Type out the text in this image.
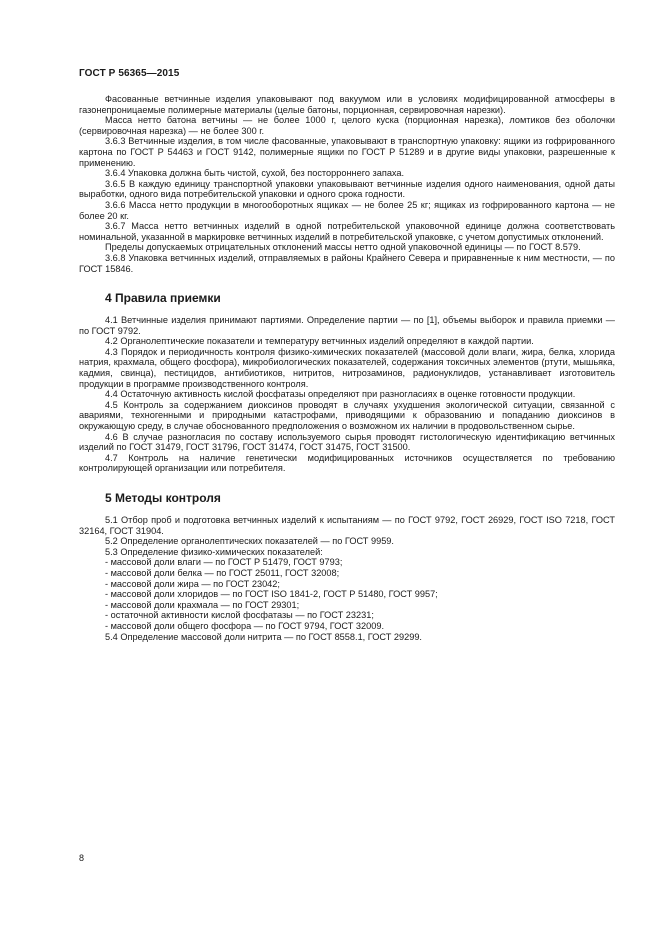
ГОСТ Р 56365—2015

Фасованные ветчинные изделия упаковывают под вакуумом или в условиях модифицированной атмосферы в газонепроницаемые полимерные материалы (целые батоны, порционная, сервировочная нарезки).

Масса нетто батона ветчины — не более 1000 г, целого куска (порционная нарезка), ломтиков без оболочки (сервировочная нарезка) — не более 300 г.

3.6.3 Ветчинные изделия, в том числе фасованные, упаковывают в транспортную упаковку: ящики из гофрированного картона по ГОСТ Р 54463 и ГОСТ 9142, полимерные ящики по ГОСТ Р 51289 и в другие виды упаковки, разрешенные к применению.

3.6.4 Упаковка должна быть чистой, сухой, без посторроннего запаха.

3.6.5 В каждую единицу транспортной упаковки упаковывают ветчинные изделия одного наименования, одной даты выработки, одного вида потребительской упаковки и одного срока годности.

3.6.6 Масса нетто продукции в многооборотных ящиках — не более 25 кг; ящиках из гофрированного картона — не более 20 кг.

3.6.7 Масса нетто ветчинных изделий в одной потребительской упаковочной единице должна соответствовать номинальной, указанной в маркировке ветчинных изделий в потребительской упаковке, с учетом допустимых отклонений.

Пределы допускаемых отрицательных отклонений массы нетто одной упаковочной единицы — по ГОСТ 8.579.

3.6.8 Упаковка ветчинных изделий, отправляемых в районы Крайнего Севера и приравненные к ним местности, — по ГОСТ 15846.

4 Правила приемки

4.1 Ветчинные изделия принимают партиями. Определение партии — по [1], объемы выборок и правила приемки — по ГОСТ 9792.

4.2 Органолептические показатели и температуру ветчинных изделий определяют в каждой партии.

4.3 Порядок и периодичность контроля физико-химических показателей (массовой доли влаги, жира, белка, хлорида натрия, крахмала, общего фосфора), микробиологических показателей, содержания токсичных элементов (ртути, мышьяка, кадмия, свинца), пестицидов, антибиотиков, нитритов, нитрозаминов, радионуклидов, устанавливает изготовитель продукции в программе производственного контроля.

4.4 Остаточную активность кислой фосфатазы определяют при разногласиях в оценке готовности продукции.

4.5 Контроль за содержанием диоксинов проводят в случаях ухудшения экологической ситуации, связанной с авариями, техногенными и природными катастрофами, приводящими к образованию и попаданию диоксинов в окружающую среду, в случае обоснованного предположения о возможном их наличии в продовольственном сырье.

4.6 В случае разногласия по составу используемого сырья проводят гистологическую идентификацию ветчинных изделий по ГОСТ 31479, ГОСТ 31796, ГОСТ 31474, ГОСТ 31475, ГОСТ 31500.

4.7 Контроль на наличие генетически модифицированных источников осуществляется по требованию контролирующей организации или потребителя.

5 Методы контроля

5.1 Отбор проб и подготовка ветчинных изделий к испытаниям — по ГОСТ 9792, ГОСТ 26929, ГОСТ ISO 7218, ГОСТ 32164, ГОСТ 31904.

5.2 Определение органолептических показателей — по ГОСТ 9959.

5.3 Определение физико-химических показателей:

- массовой доли влаги — по ГОСТ Р 51479, ГОСТ 9793;
- массовой доли белка — по ГОСТ 25011, ГОСТ 32008;
- массовой доли жира — по ГОСТ 23042;
- массовой доли хлоридов — по ГОСТ ISO 1841-2, ГОСТ Р 51480, ГОСТ 9957;
- массовой доли крахмала — по ГОСТ 29301;
- остаточной активности кислой фосфатазы — по ГОСТ 23231;
- массовой доли общего фосфора — по ГОСТ 9794, ГОСТ 32009.

5.4 Определение массовой доли нитрита — по ГОСТ 8558.1, ГОСТ 29299.

8
